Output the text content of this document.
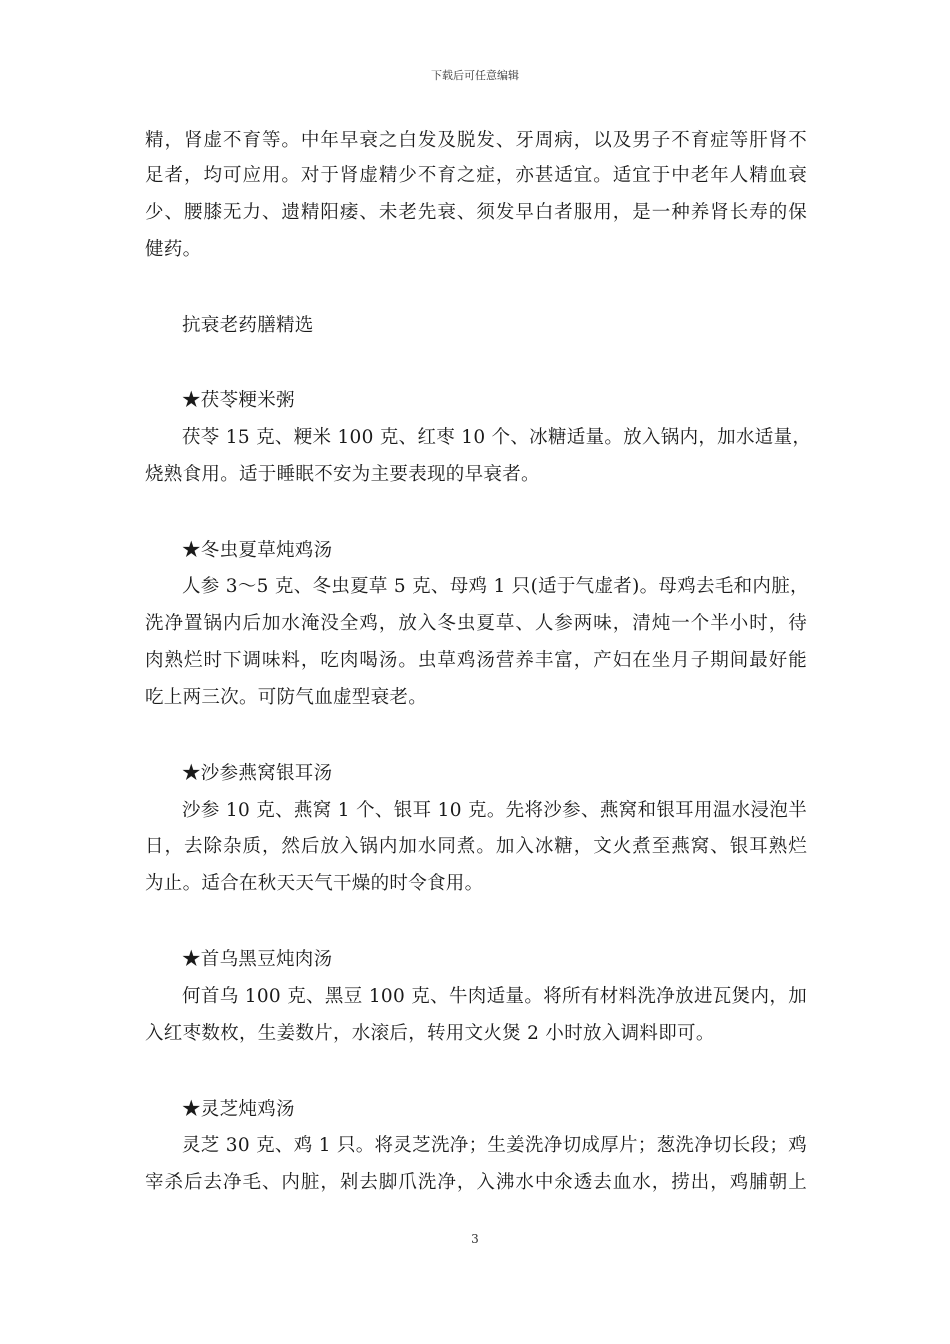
下载后可任意编辑
精，肾虚不育等。中年早衰之白发及脱发、牙周病，以及男子不育症等肝肾不
足者，均可应用。对于肾虚精少不育之症，亦甚适宜。适宜于中老年人精血衰
少、腰膝无力、遗精阳痿、未老先衰、须发早白者服用，是一种养肾长寿的保
健药。
抗衰老药膳精选
★茯苓粳米粥
茯苓 15 克、粳米 100 克、红枣 10 个、冰糖适量。放入锅内，加水适量，
烧熟食用。适于睡眠不安为主要表现的早衰者。
★冬虫夏草炖鸡汤
人参 3～5 克、冬虫夏草 5 克、母鸡 1 只(适于气虚者)。母鸡去毛和内脏，
洗净置锅内后加水淹没全鸡，放入冬虫夏草、人参两味，清炖一个半小时，待
肉熟烂时下调味料，吃肉喝汤。虫草鸡汤营养丰富，产妇在坐月子期间最好能
吃上两三次。可防气血虚型衰老。
★沙参燕窝银耳汤
沙参 10 克、燕窝 1 个、银耳 10 克。先将沙参、燕窝和银耳用温水浸泡半
日，去除杂质，然后放入锅内加水同煮。加入冰糖，文火煮至燕窝、银耳熟烂
为止。适合在秋天天气干燥的时令食用。
★首乌黑豆炖肉汤
何首乌 100 克、黑豆 100 克、牛肉适量。将所有材料洗净放进瓦煲内，加
入红枣数枚，生姜数片，水滚后，转用文火煲 2 小时放入调料即可。
★灵芝炖鸡汤
灵芝 30 克、鸡 1 只。将灵芝洗净；生姜洗净切成厚片；葱洗净切长段；鸡
宰杀后去净毛、内脏，剁去脚爪洗净，入沸水中氽透去血水，捞出，鸡脯朝上
3
